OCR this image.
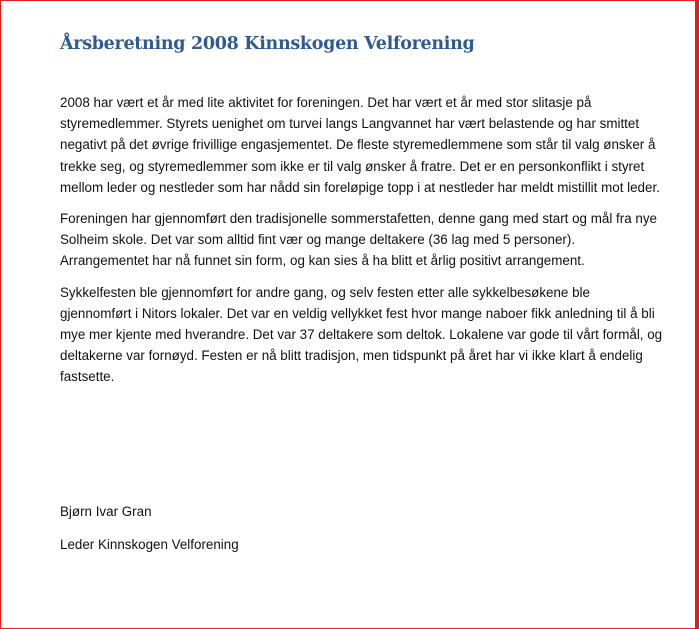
Årsberetning 2008 Kinnskogen Velforening

2008 har vært et år med lite aktivitet for foreningen. Det har vært et år med stor slitasje på styremedlemmer. Styrets uenighet om turvei langs Langvannet har vært belastende og har smittet negativt på det øvrige frivillige engasjementet. De fleste styremedlemmene som står til valg ønsker å trekke seg, og styremedlemmer som ikke er til valg ønsker å fratre. Det er en personkonflikt i styret mellom leder og nestleder som har nådd sin foreløpige topp i at nestleder har meldt mistillit mot leder.

Foreningen har gjennomført den tradisjonelle sommerstafetten, denne gang med start og mål fra nye Solheim skole. Det var som alltid fint vær og mange deltakere (36 lag med 5 personer). Arrangementet har nå funnet sin form, og kan sies å ha blitt et årlig positivt arrangement.

Sykkelfesten ble gjennomført for andre gang, og selv festen etter alle sykkelbesøkene ble gjennomført i Nitors lokaler. Det var en veldig vellykket fest hvor mange naboer fikk anledning til å bli mye mer kjente med hverandre. Det var 37 deltakere som deltok. Lokalene var gode til vårt formål, og deltakerne var fornøyd. Festen er nå blitt tradisjon, men tidspunkt på året har vi ikke klart å endelig fastsette.

Bjørn Ivar Gran
Leder Kinnskogen Velforening
